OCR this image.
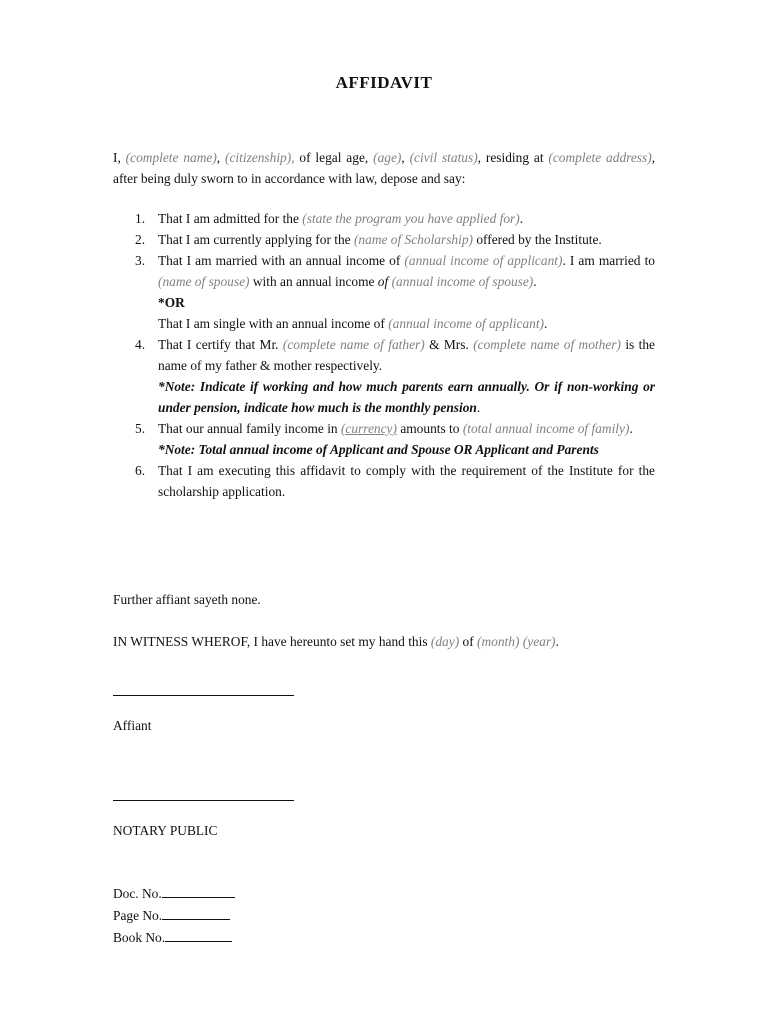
AFFIDAVIT
I, (complete name), (citizenship), of legal age, (age), (civil status), residing at (complete address), after being duly sworn to in accordance with law, depose and say:
1. That I am admitted for the (state the program you have applied for).
2. That I am currently applying for the (name of Scholarship) offered by the Institute.
3. That I am married with an annual income of (annual income of applicant). I am married to (name of spouse) with an annual income of (annual income of spouse).
*OR
That I am single with an annual income of (annual income of applicant).
4. That I certify that Mr. (complete name of father) & Mrs. (complete name of mother) is the name of my father & mother respectively.
*Note: Indicate if working and how much parents earn annually. Or if non-working or under pension, indicate how much is the monthly pension.
5. That our annual family income in (currency) amounts to (total annual income of family).
*Note: Total annual income of Applicant and Spouse OR Applicant and Parents
6. That I am executing this affidavit to comply with the requirement of the Institute for the scholarship application.
Further affiant sayeth none.
IN WITNESS WHEROF, I have hereunto set my hand this (day) of (month) (year).
Affiant
NOTARY PUBLIC
Doc. No.
Page No.
Book No.
